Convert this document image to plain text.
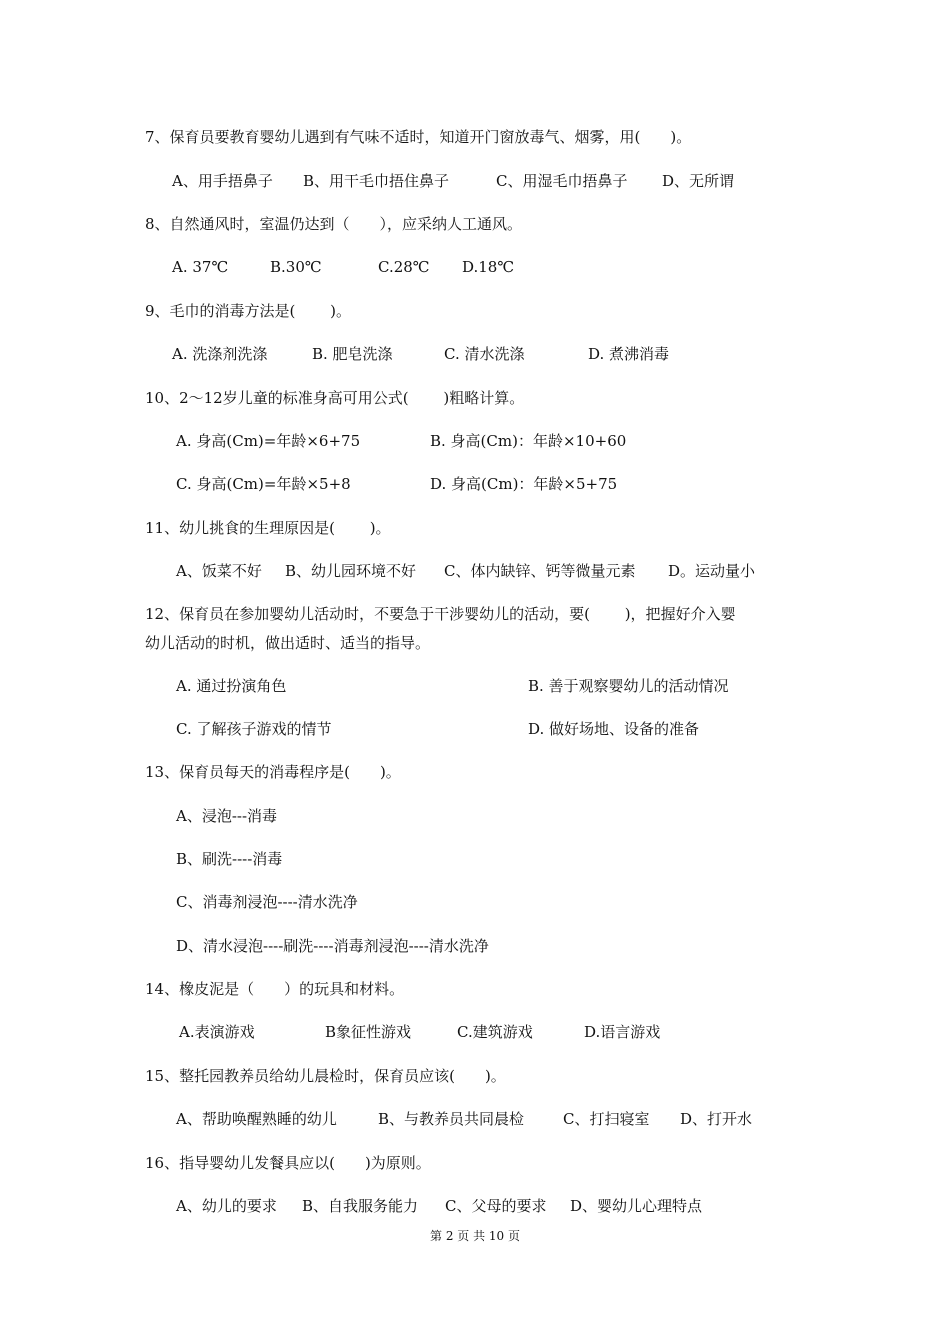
7、保育员要教育婴幼儿遇到有气味不适时，知道开门窗放毒气、烟雾，用(　　)。
A、用手捂鼻子 B、用干毛巾捂住鼻子	C、用湿毛巾捂鼻子 D、无所谓
8、自然通风时，室温仍达到（　　），应采纳人工通风。
A. 37℃	B.30℃	C.28℃ D.18℃
9、毛巾的消毒方法是(　　 )。
A. 洗涤剂洗涤	B. 肥皂洗涤	C. 清水洗涤	D. 煮沸消毒
10、2～12岁儿童的标准身高可用公式(　　 )粗略计算。
A. 身高(Cm)=年龄×6+75	B. 身高(Cm)：年龄×10+60
C. 身高(Cm)=年龄×5+8	D. 身高(Cm)：年龄×5+75
11、幼儿挑食的生理原因是(　　 )。
A、饭菜不好 B、幼儿园环境不好 C、体内缺锌、钙等微量元素 D。运动量小
12、保育员在参加婴幼儿活动时，不要急于干涉婴幼儿的活动，要(　　 )，把握好介入婴
幼儿活动的时机，做出适时、适当的指导。
A. 通过扮演角色	B. 善于观察婴幼儿的活动情况
C. 了解孩子游戏的情节	D. 做好场地、设备的准备
13、保育员每天的消毒程序是(　　)。
A、浸泡---消毒
B、刷洗----消毒
C、消毒剂浸泡----清水洗净
D、清水浸泡----刷洗----消毒剂浸泡----清水洗净
14、橡皮泥是（　　）的玩具和材料。
A.表演游戏	B象征性游戏	C.建筑游戏	D.语言游戏
15、整托园教养员给幼儿晨检时，保育员应该(　　)。
A、帮助唤醒熟睡的幼儿	B、与教养员共同晨检	C、打扫寝室 D、打开水
16、指导婴幼儿发餐具应以(　　)为原则。
A、幼儿的要求 B、自我服务能力 C、父母的要求 D、婴幼儿心理特点
第 2 页 共 10 页
